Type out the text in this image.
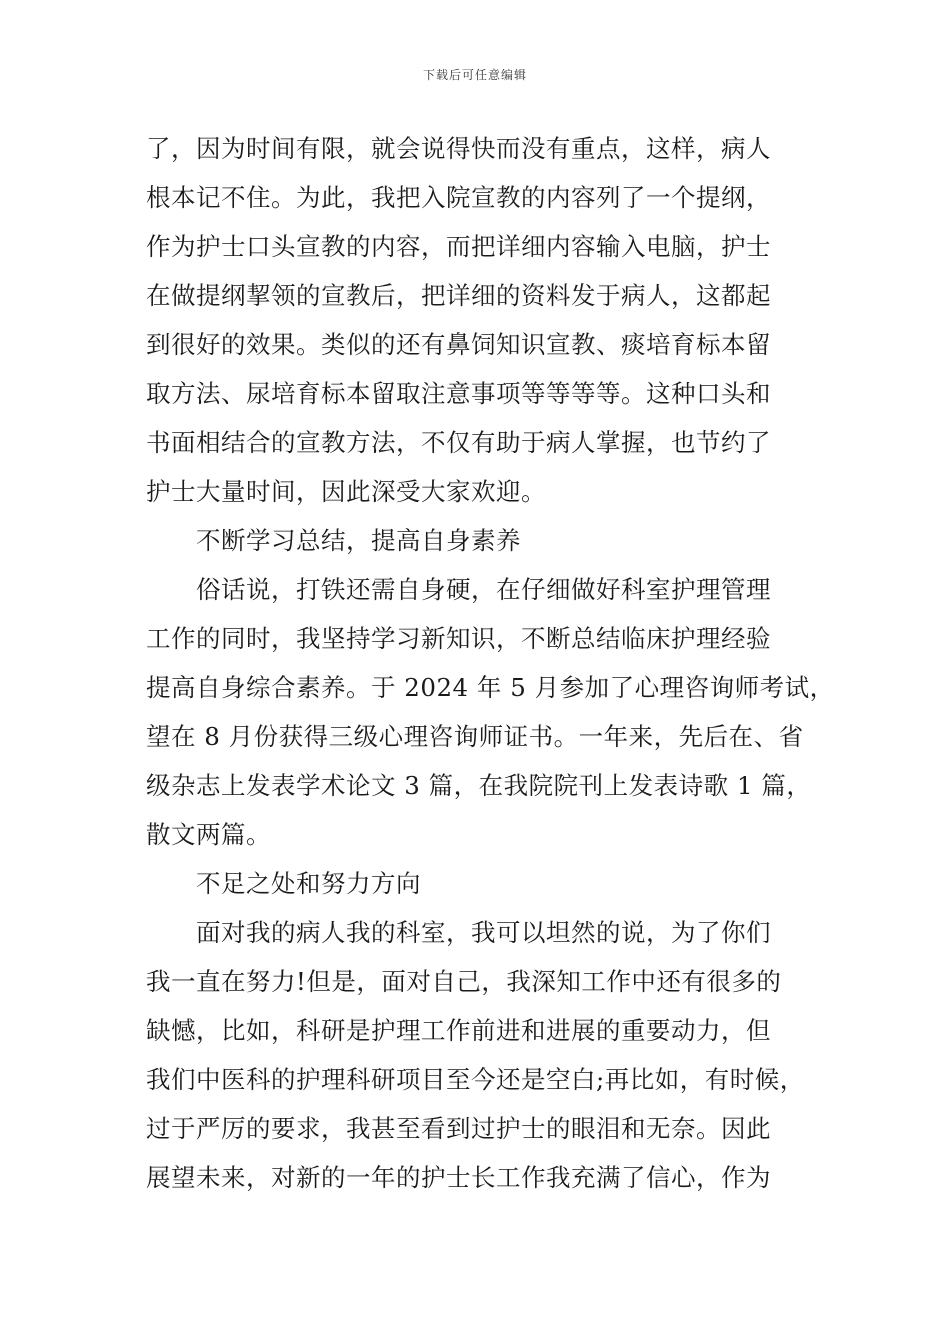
下载后可任意编辑
了，因为时间有限，就会说得快而没有重点，这样，病人
根本记不住。为此，我把入院宣教的内容列了一个提纲，
作为护士口头宣教的内容，而把详细内容输入电脑，护士
在做提纲挈领的宣教后，把详细的资料发于病人，这都起
到很好的效果。类似的还有鼻饲知识宣教、痰培育标本留
取方法、尿培育标本留取注意事项等等等等。这种口头和
书面相结合的宣教方法，不仅有助于病人掌握，也节约了
护士大量时间，因此深受大家欢迎。
不断学习总结，提高自身素养
俗话说，打铁还需自身硬，在仔细做好科室护理管理
工作的同时，我坚持学习新知识，不断总结临床护理经验
提高自身综合素养。于 2024 年 5 月参加了心理咨询师考试，
望在 8 月份获得三级心理咨询师证书。一年来，先后在、省
级杂志上发表学术论文 3 篇，在我院院刊上发表诗歌 1 篇，
散文两篇。
不足之处和努力方向
面对我的病人我的科室，我可以坦然的说，为了你们
我一直在努力!但是，面对自己，我深知工作中还有很多的
缺憾，比如，科研是护理工作前进和进展的重要动力，但
我们中医科的护理科研项目至今还是空白;再比如，有时候，
过于严厉的要求，我甚至看到过护士的眼泪和无奈。因此
展望未来，对新的一年的护士长工作我充满了信心，作为
